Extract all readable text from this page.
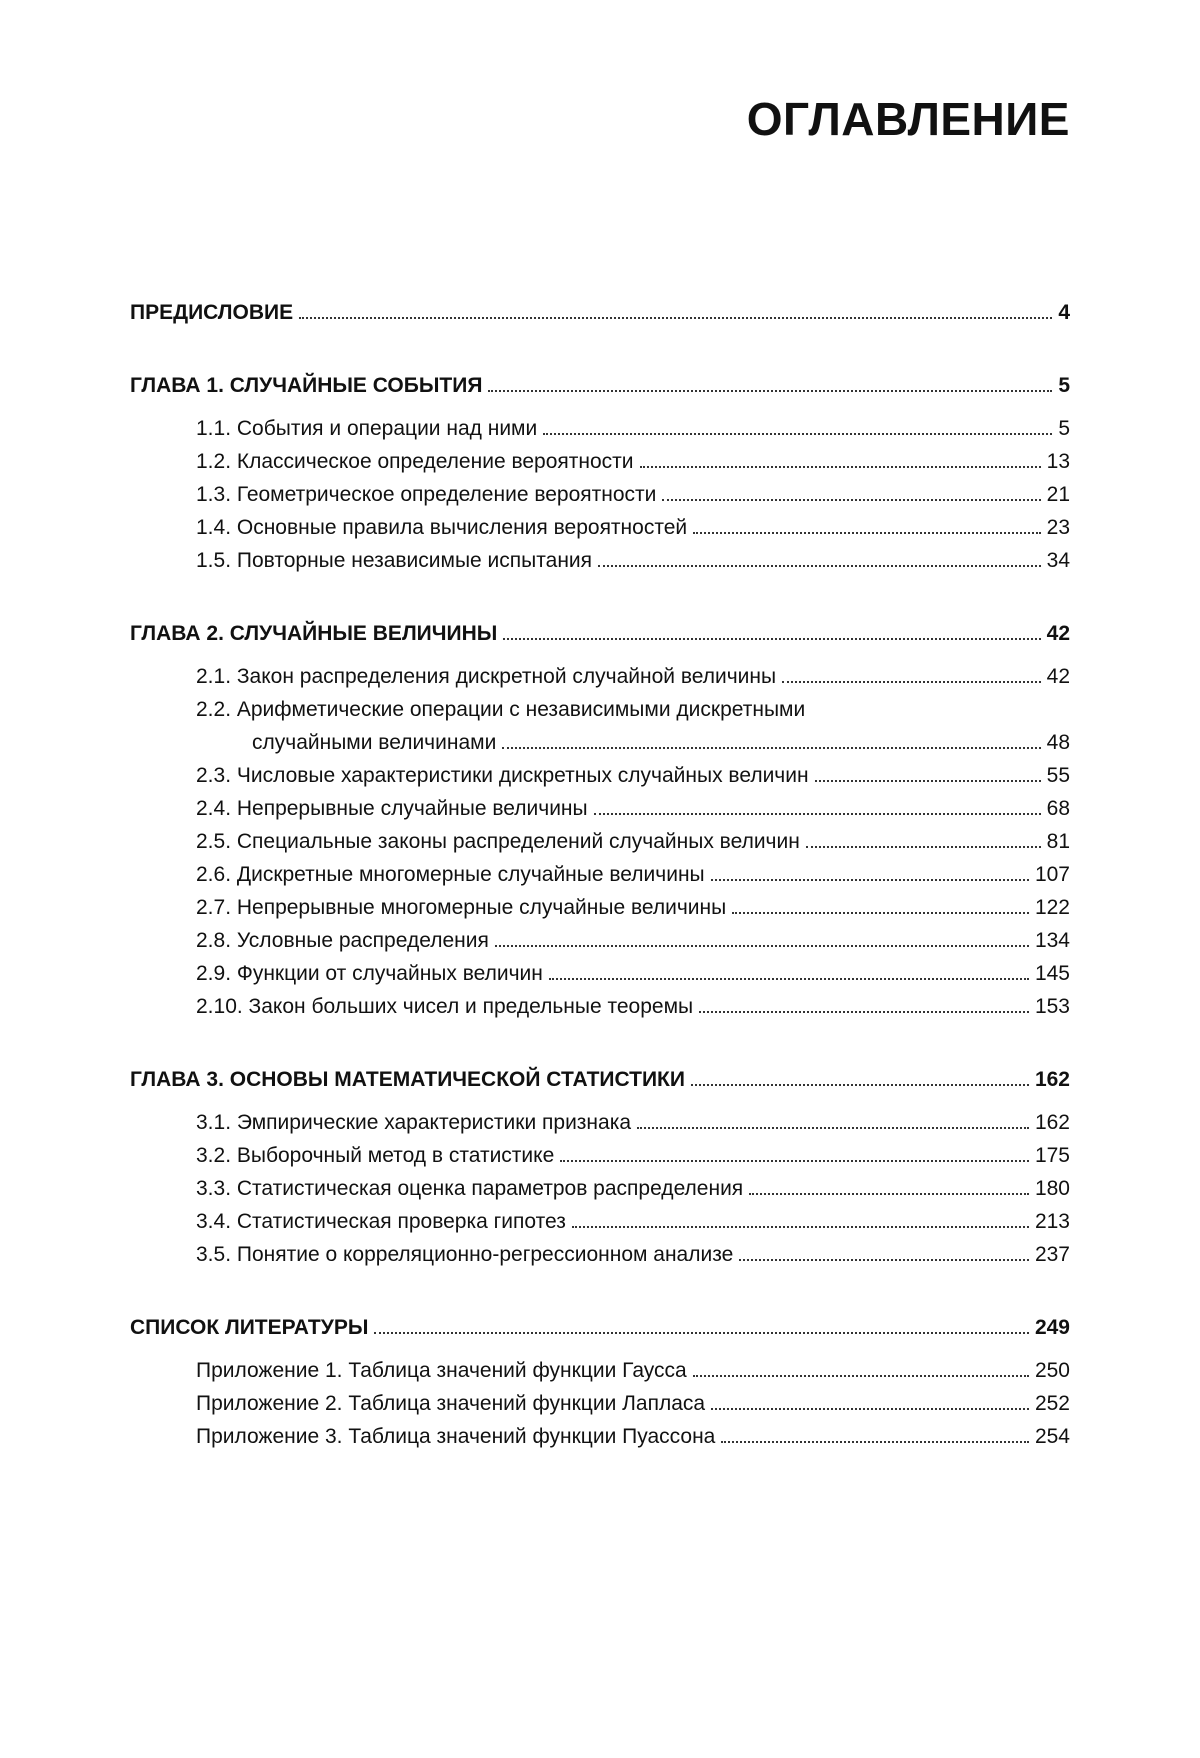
ОГЛАВЛЕНИЕ
ПРЕДИСЛОВИЕ	4
ГЛАВА 1. СЛУЧАЙНЫЕ СОБЫТИЯ	5
1.1. События и операции над ними	5
1.2. Классическое определение вероятности	13
1.3. Геометрическое определение вероятности	21
1.4. Основные правила вычисления вероятностей	23
1.5. Повторные независимые испытания	34
ГЛАВА 2. СЛУЧАЙНЫЕ ВЕЛИЧИНЫ	42
2.1. Закон распределения дискретной случайной величины	42
2.2. Арифметические операции с независимыми дискретными
случайными величинами	48
2.3. Числовые характеристики дискретных случайных величин	55
2.4. Непрерывные случайные величины	68
2.5. Специальные законы распределений случайных величин	81
2.6. Дискретные многомерные случайные величины	107
2.7. Непрерывные многомерные случайные величины	122
2.8. Условные распределения	134
2.9. Функции от случайных величин	145
2.10. Закон больших чисел и предельные теоремы	153
ГЛАВА 3. ОСНОВЫ МАТЕМАТИЧЕСКОЙ СТАТИСТИКИ	162
3.1. Эмпирические характеристики признака	162
3.2. Выборочный метод в статистике	175
3.3. Статистическая оценка параметров распределения	180
3.4. Статистическая проверка гипотез	213
3.5. Понятие о корреляционно-регрессионном анализе	237
СПИСОК ЛИТЕРАТУРЫ	249
Приложение 1. Таблица значений функции Гаусса	250
Приложение 2. Таблица значений функции Лапласа	252
Приложение 3. Таблица значений функции Пуассона	254
